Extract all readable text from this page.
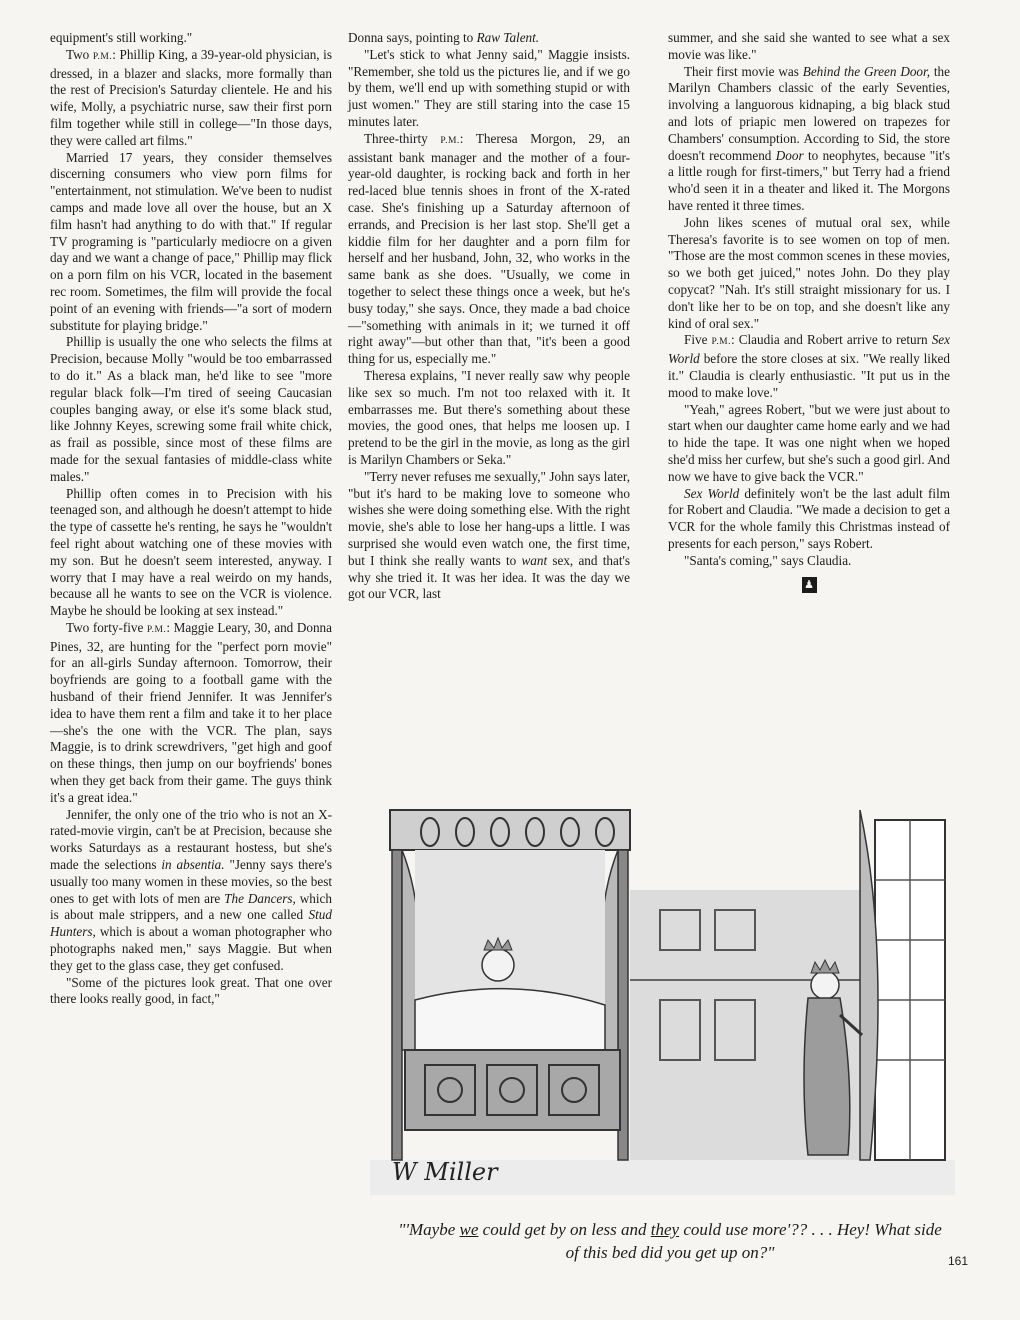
equipment's still working."

Two P.M.: Phillip King, a 39-year-old physician, is dressed, in a blazer and slacks, more formally than the rest of Precision's Saturday clientele. He and his wife, Molly, a psychiatric nurse, saw their first porn film together while still in college—"In those days, they were called art films."

Married 17 years, they consider themselves discerning consumers who view porn films for "entertainment, not stimulation. We've been to nudist camps and made love all over the house, but an X film hasn't had anything to do with that." If regular TV programing is "particularly mediocre on a given day and we want a change of pace," Phillip may flick on a porn film on his VCR, located in the basement rec room. Sometimes, the film will provide the focal point of an evening with friends—"a sort of modern substitute for playing bridge."

Phillip is usually the one who selects the films at Precision, because Molly "would be too embarrassed to do it." As a black man, he'd like to see "more regular black folk—I'm tired of seeing Caucasian couples banging away, or else it's some black stud, like Johnny Keyes, screwing some frail white chick, as frail as possible, since most of these films are made for the sexual fantasies of middle-class white males."

Phillip often comes in to Precision with his teenaged son, and although he doesn't attempt to hide the type of cassette he's renting, he says he "wouldn't feel right about watching one of these movies with my son. But he doesn't seem interested, anyway. I worry that I may have a real weirdo on my hands, because all he wants to see on the VCR is violence. Maybe he should be looking at sex instead."

Two forty-five P.M.: Maggie Leary, 30, and Donna Pines, 32, are hunting for the "perfect porn movie" for an all-girls Sunday afternoon. Tomorrow, their boyfriends are going to a football game with the husband of their friend Jennifer. It was Jennifer's idea to have them rent a film and take it to her place—she's the one with the VCR. The plan, says Maggie, is to drink screwdrivers, "get high and goof on these things, then jump on our boyfriends' bones when they get back from their game. The guys think it's a great idea."

Jennifer, the only one of the trio who is not an X-rated-movie virgin, can't be at Precision, because she works Saturdays as a restaurant hostess, but she's made the selections in absentia. "Jenny says there's usually too many women in these movies, so the best ones to get with lots of men are The Dancers, which is about male strippers, and a new one called Stud Hunters, which is about a woman photographer who photographs naked men," says Maggie. But when they get to the glass case, they get confused.

"Some of the pictures look great. That one over there looks really good, in fact,"

Donna says, pointing to Raw Talent.

"Let's stick to what Jenny said," Maggie insists. "Remember, she told us the pictures lie, and if we go by them, we'll end up with something stupid or with just women." They are still staring into the case 15 minutes later.

Three-thirty P.M.: Theresa Morgon, 29, an assistant bank manager and the mother of a four-year-old daughter, is rocking back and forth in her red-laced blue tennis shoes in front of the X-rated case. She's finishing up a Saturday afternoon of errands, and Precision is her last stop. She'll get a kiddie film for her daughter and a porn film for herself and her husband, John, 32, who works in the same bank as she does. "Usually, we come in together to select these things once a week, but he's busy today," she says. Once, they made a bad choice—"something with animals in it; we turned it off right away"—but other than that, "it's been a good thing for us, especially me."

Theresa explains, "I never really saw why people like sex so much. I'm not too relaxed with it. It embarrasses me. But there's something about these movies, the good ones, that helps me loosen up. I pretend to be the girl in the movie, as long as the girl is Marilyn Chambers or Seka."

"Terry never refuses me sexually," John says later, "but it's hard to be making love to someone who wishes she were doing something else. With the right movie, she's able to lose her hang-ups a little. I was surprised she would even watch one, the first time, but I think she really wants to want sex, and that's why she tried it. It was her idea. It was the day we got our VCR, last

summer, and she said she wanted to see what a sex movie was like."

Their first movie was Behind the Green Door, the Marilyn Chambers classic of the early Seventies, involving a languorous kidnaping, a big black stud and lots of priapic men lowered on trapezes for Chambers' consumption. According to Sid, the store doesn't recommend Door to neophytes, because "it's a little rough for first-timers," but Terry had a friend who'd seen it in a theater and liked it. The Morgons have rented it three times.

John likes scenes of mutual oral sex, while Theresa's favorite is to see women on top of men. "Those are the most common scenes in these movies, so we both get juiced," notes John. Do they play copycat? "Nah. It's still straight missionary for us. I don't like her to be on top, and she doesn't like any kind of oral sex."

Five P.M.: Claudia and Robert arrive to return Sex World before the store closes at six. "We really liked it." Claudia is clearly enthusiastic. "It put us in the mood to make love."

"Yeah," agrees Robert, "but we were just about to start when our daughter came home early and we had to hide the tape. It was one night when we hoped she'd miss her curfew, but she's such a good girl. And now we have to give back the VCR."

Sex World definitely won't be the last adult film for Robert and Claudia. "We made a decision to get a VCR for the whole family this Christmas instead of presents for each person," says Robert.

"Santa's coming," says Claudia.

♟
W Miller
"'Maybe we could get by on less and they could use more'?? . . . Hey! What side of this bed did you get up on?"	161
